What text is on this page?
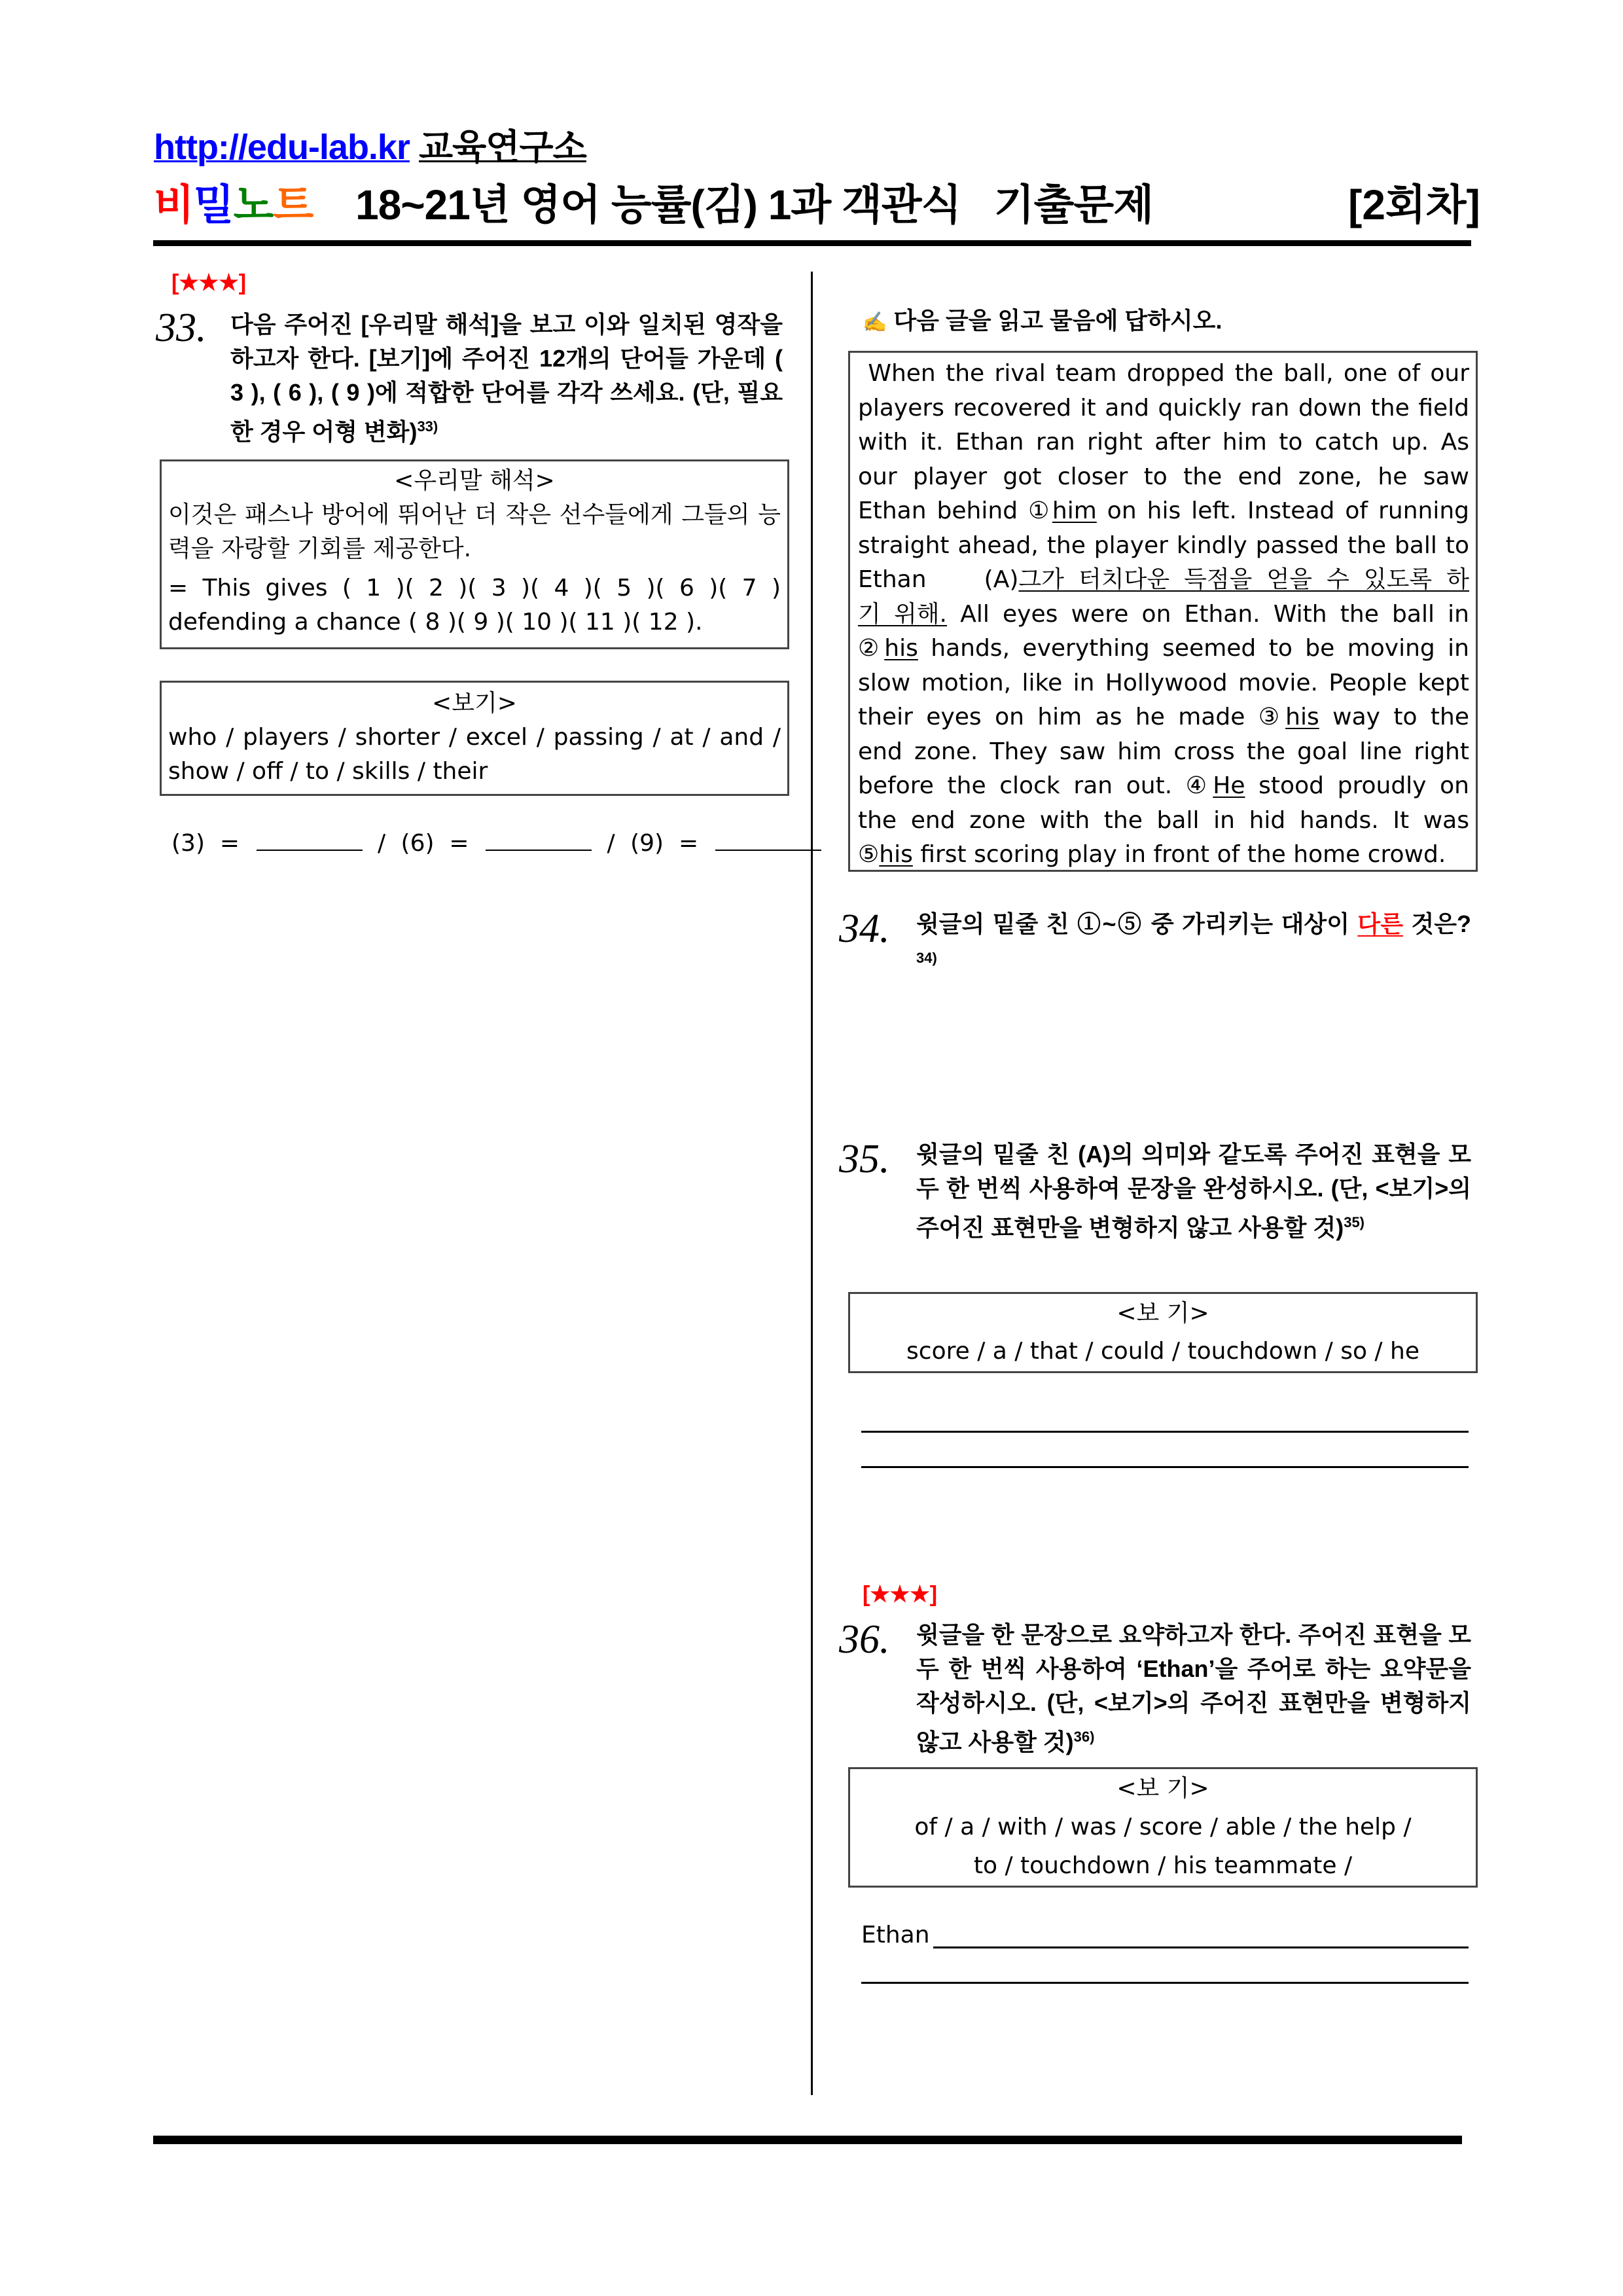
http://edu-lab.kr 교육연구소
비밀노트 18~21년 영어 능률(김) 1과 객관식   기출문제	[2회차]
[★★★]
33. 다음 주어진 [우리말 해석]을 보고 이와 일치된 영작을 하고자 한다. [보기]에 주어진 12개의 단어들 가운데 ( 3 ), ( 6 ), ( 9 )에 적합한 단어를 각각 쓰세요. (단, 필요한 경우 어형 변화)$^{33)}$
<우리말 해석>
이것은 패스나 방어에 뛰어난 더 작은 선수들에게 그들의 능력을 자랑할 기회를 제공한다.
= This gives ( 1 )( 2 )( 3 )( 4 )( 5 )( 6 )( 7 )
defending a chance ( 8 )( 9 )( 10 )( 11 )( 12 ).
<보기>
who / players / shorter / excel / passing / at / and / show / off / to / skills / their
(3)  =	/ (6)  =	/ (9)  =
✍ 다음 글을 읽고 물음에 답하시오.
When the rival team dropped the ball, one of our
players recovered it and quickly ran down the field
with it. Ethan ran right after him to catch up. As
our player got closer to the end zone, he saw
Ethan behind ①him on his left. Instead of running
straight ahead, the player kindly passed the ball to
Ethan    (A)그가 터치다운 득점을 얻을 수 있도록 하
기 위해. All eyes were on Ethan. With the ball in
②his hands, everything seemed to be moving in
slow motion, like in Hollywood movie. People kept
their eyes on him as he made ③his way to the
end zone. They saw him cross the goal line right
before the clock ran out. ④He stood proudly on
the end zone with the ball in hid hands. It was
⑤his first scoring play in front of the home crowd.
34. 윗글의 밑줄 친 ①~⑤ 중 가리키는 대상이 다른 것은?$^{34)}$
35. 윗글의 밑줄 친 (A)의 의미와 같도록 주어진 표현을 모두 한 번씩 사용하여 문장을 완성하시오. (단, <보기>의 주어진 표현만을 변형하지 않고 사용할 것)$^{35)}$
<보 기>
score / a / that / could / touchdown / so / he
[★★★]
36. 윗글을 한 문장으로 요약하고자 한다. 주어진 표현을 모두 한 번씩 사용하여 ‘Ethan’을 주어로 하는 요약문을 작성하시오. (단, <보기>의 주어진 표현만을 변형하지 않고 사용할 것)$^{36)}$
<보 기>
of / a / with / was / score / able / the help /
to / touchdown / his teammate /
Ethan
